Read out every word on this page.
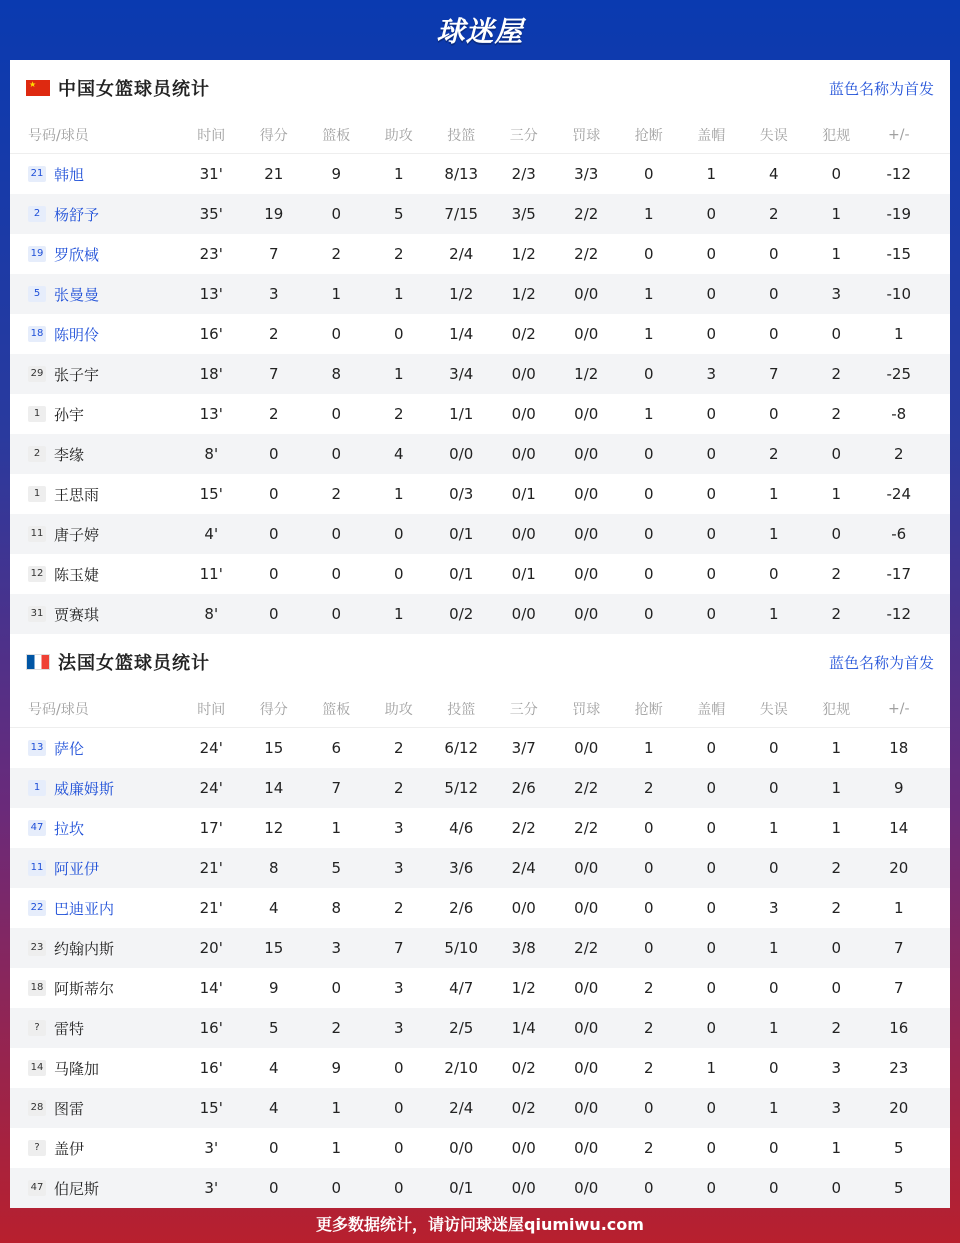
球迷屋
★
中国女篮球员统计	蓝色名称为首发
号码/球员	时间	得分	篮板	助攻	投篮	三分	罚球	抢断	盖帽	失误	犯规	+/-
21 韩旭	31'	21	9	1	8/13	2/3	3/3	0	1	4	0	-12
2 杨舒予	35'	19	0	5	7/15	3/5	2/2	1	0	2	1	-19
19 罗欣棫	23'	7	2	2	2/4	1/2	2/2	0	0	0	1	-15
5 张曼曼	13'	3	1	1	1/2	1/2	0/0	1	0	0	3	-10
18 陈明伶	16'	2	0	0	1/4	0/2	0/0	1	0	0	0	1
29 张子宇	18'	7	8	1	3/4	0/0	1/2	0	3	7	2	-25
1 孙宇	13'	2	0	2	1/1	0/0	0/0	1	0	0	2	-8
2 李缘	8'	0	0	4	0/0	0/0	0/0	0	0	2	0	2
1 王思雨	15'	0	2	1	0/3	0/1	0/0	0	0	1	1	-24
11 唐子婷	4'	0	0	0	0/1	0/0	0/0	0	0	1	0	-6
12 陈玉婕	11'	0	0	0	0/1	0/1	0/0	0	0	0	2	-17
31 贾赛琪	8'	0	0	1	0/2	0/0	0/0	0	0	1	2	-12
法国女篮球员统计	蓝色名称为首发
号码/球员	时间	得分	篮板	助攻	投篮	三分	罚球	抢断	盖帽	失误	犯规	+/-
13 萨伦	24'	15	6	2	6/12	3/7	0/0	1	0	0	1	18
1 威廉姆斯	24'	14	7	2	5/12	2/6	2/2	2	0	0	1	9
47 拉坎	17'	12	1	3	4/6	2/2	2/2	0	0	1	1	14
11 阿亚伊	21'	8	5	3	3/6	2/4	0/0	0	0	0	2	20
22 巴迪亚内	21'	4	8	2	2/6	0/0	0/0	0	0	3	2	1
23 约翰内斯	20'	15	3	7	5/10	3/8	2/2	0	0	1	0	7
18 阿斯蒂尔	14'	9	0	3	4/7	1/2	0/0	2	0	0	0	7
? 雷特	16'	5	2	3	2/5	1/4	0/0	2	0	1	2	16
14 马隆加	16'	4	9	0	2/10	0/2	0/0	2	1	0	3	23
28 图雷	15'	4	1	0	2/4	0/2	0/0	0	0	1	3	20
? 盖伊	3'	0	1	0	0/0	0/0	0/0	2	0	0	1	5
47 伯尼斯	3'	0	0	0	0/1	0/0	0/0	0	0	0	0	5
更多数据统计，请访问球迷屋qiumiwu.com
